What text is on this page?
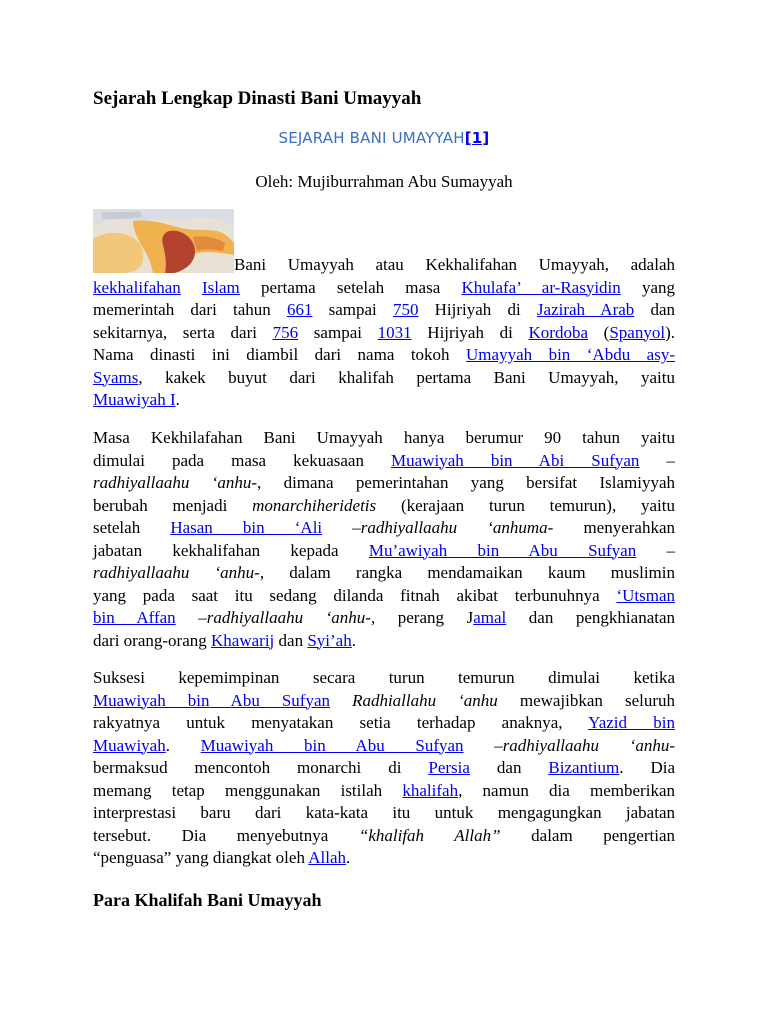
Sejarah Lengkap Dinasti Bani Umayyah
SEJARAH BANI UMAYYAH[1]
Oleh: Mujiburrahman Abu Sumayyah
Bani Umayyah atau Kekhalifahan Umayyah, adalah
kekhalifahan Islam pertama setelah masa Khulafa’ ar-Rasyidin yang
memerintah dari tahun 661 sampai 750 Hijriyah di Jazirah Arab dan
sekitarnya, serta dari 756 sampai 1031 Hijriyah di Kordoba (Spanyol).
Nama dinasti ini diambil dari nama tokoh Umayyah bin ‘Abdu asy-
Syams, kakek buyut dari khalifah pertama Bani Umayyah, yaitu
Muawiyah I.
Masa Kekhilafahan Bani Umayyah hanya berumur 90 tahun yaitu
dimulai pada masa kekuasaan Muawiyah bin Abi Sufyan –
radhiyallaahu ‘anhu-, dimana pemerintahan yang bersifat Islamiyyah
berubah menjadi monarchiheridetis (kerajaan turun temurun), yaitu
setelah Hasan bin ‘Ali –radhiyallaahu ‘anhuma- menyerahkan
jabatan kekhalifahan kepada Mu’awiyah bin Abu Sufyan –
radhiyallaahu ‘anhu-, dalam rangka mendamaikan kaum muslimin
yang pada saat itu sedang dilanda fitnah akibat terbunuhnya ‘Utsman
bin Affan –radhiyallaahu ‘anhu-, perang Jamal dan pengkhianatan
dari orang-orang Khawarij dan Syi’ah.
Suksesi kepemimpinan secara turun temurun dimulai ketika
Muawiyah bin Abu Sufyan Radhiallahu ‘anhu mewajibkan seluruh
rakyatnya untuk menyatakan setia terhadap anaknya, Yazid bin
Muawiyah. Muawiyah bin Abu Sufyan –radhiyallaahu ‘anhu-
bermaksud mencontoh monarchi di Persia dan Bizantium. Dia
memang tetap menggunakan istilah khalifah, namun dia memberikan
interprestasi baru dari kata-kata itu untuk mengagungkan jabatan
tersebut. Dia menyebutnya “khalifah Allah” dalam pengertian
“penguasa” yang diangkat oleh Allah.
Para Khalifah Bani Umayyah
